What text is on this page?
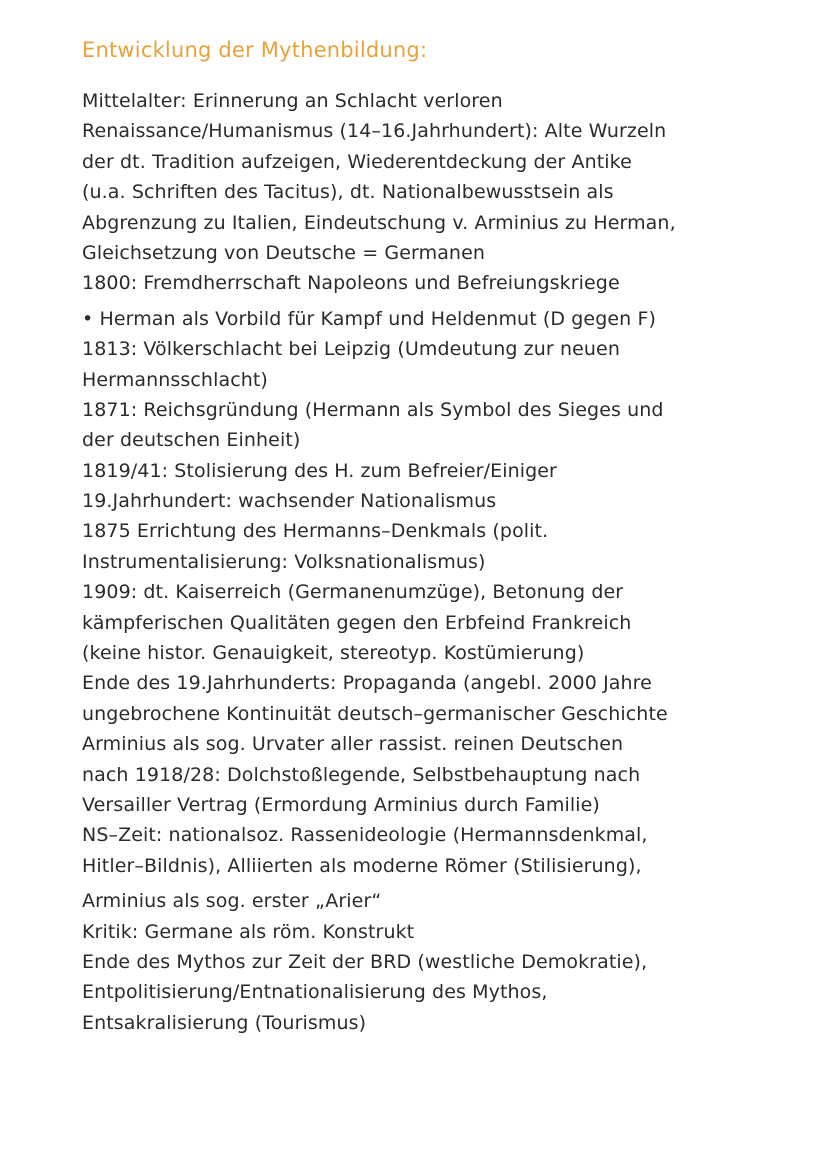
Entwicklung der Mythenbildung:
Mittelalter: Erinnerung an Schlacht verloren
Renaissance/Humanismus (14–16.Jahrhundert): Alte Wurzeln
der dt. Tradition aufzeigen, Wiederentdeckung der Antike
(u.a. Schriften des Tacitus), dt. Nationalbewusstsein als
Abgrenzung zu Italien, Eindeutschung v. Arminius zu Herman,
Gleichsetzung von Deutsche = Germanen
1800: Fremdherrschaft Napoleons und Befreiungskriege
• Herman als Vorbild für Kampf und Heldenmut (D gegen F)
1813: Völkerschlacht bei Leipzig (Umdeutung zur neuen
Hermannsschlacht)
1871: Reichsgründung (Hermann als Symbol des Sieges und
der deutschen Einheit)
1819/41: Stolisierung des H. zum Befreier/Einiger
19.Jahrhundert: wachsender Nationalismus
1875 Errichtung des Hermanns–Denkmals (polit.
Instrumentalisierung: Volksnationalismus)
1909: dt. Kaiserreich (Germanenumzüge), Betonung der
kämpferischen Qualitäten gegen den Erbfeind Frankreich
(keine histor. Genauigkeit, stereotyp. Kostümierung)
Ende des 19.Jahrhunderts: Propaganda (angebl. 2000 Jahre
ungebrochene Kontinuität deutsch–germanischer Geschichte
Arminius als sog. Urvater aller rassist. reinen Deutschen
nach 1918/28: Dolchstoßlegende, Selbstbehauptung nach
Versailler Vertrag (Ermordung Arminius durch Familie)
NS–Zeit: nationalsoz. Rassenideologie (Hermannsdenkmal,
Hitler–Bildnis), Alliierten als moderne Römer (Stilisierung),
Arminius als sog. erster „Arier“
Kritik: Germane als röm. Konstrukt
Ende des Mythos zur Zeit der BRD (westliche Demokratie),
Entpolitisierung/Entnationalisierung des Mythos,
Entsakralisierung (Tourismus)
